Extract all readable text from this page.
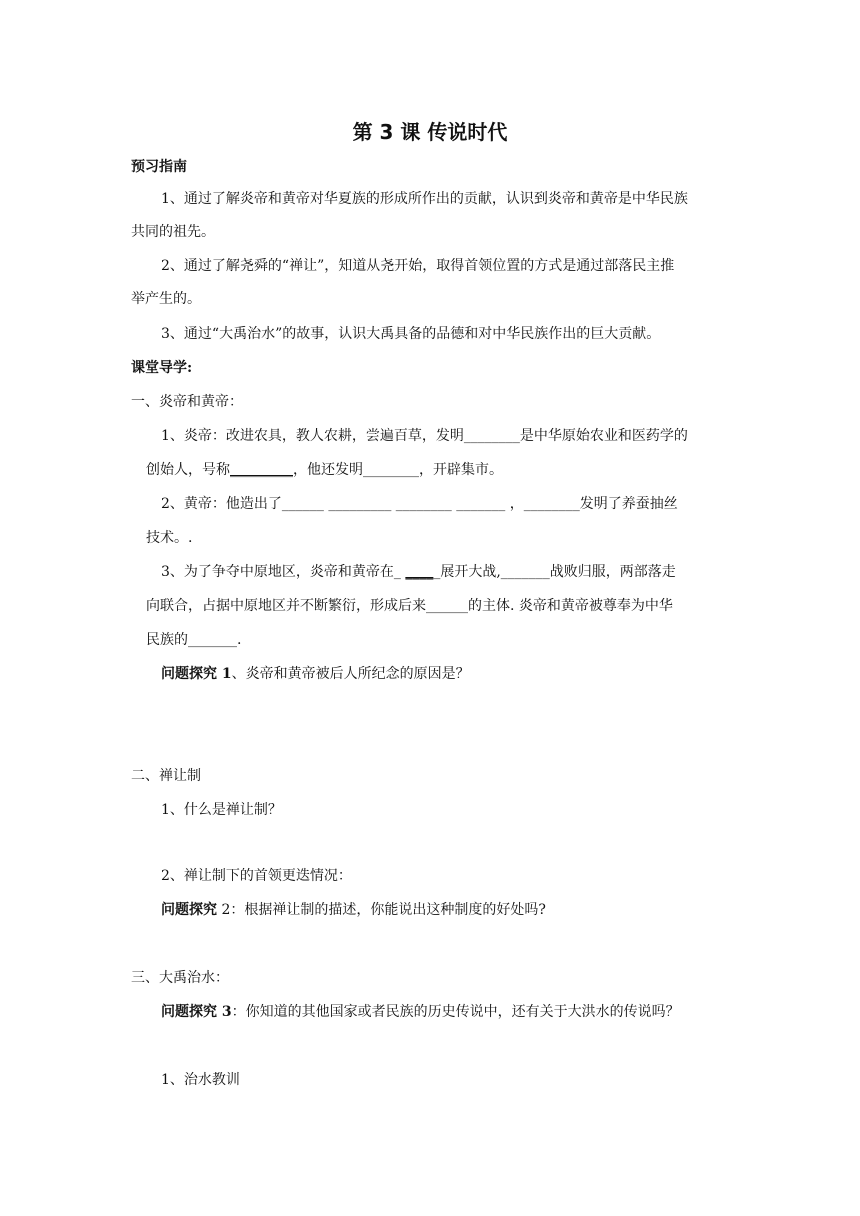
第 3 课 传说时代
预习指南
1、通过了解炎帝和黄帝对华夏族的形成所作出的贡献，认识到炎帝和黄帝是中华民族
共同的祖先。
2、通过了解尧舜的“禅让”，知道从尧开始，取得首领位置的方式是通过部落民主推
举产生的。
3、通过“大禹治水”的故事，认识大禹具备的品德和对中华民族作出的巨大贡献。
课堂导学:
一、炎帝和黄帝：
1、炎帝：改进农具，教人农耕，尝遍百草，发明________是中华原始农业和医药学的
创始人，号称_________，他还发明________，开辟集市。
2、黄帝：他造出了______ _________ ________ _______ ，________发明了养蚕抽丝
技术。.
3、为了争夺中原地区，炎帝和黄帝在_ _____展开大战,_______战败归服，两部落走
向联合，占据中原地区并不断繁衍，形成后来______的主体. 炎帝和黄帝被尊奉为中华
民族的_______.
问题探究 1、炎帝和黄帝被后人所纪念的原因是？
二、禅让制
1、什么是禅让制？
2、禅让制下的首领更迭情况：
问题探究 2：根据禅让制的描述，你能说出这种制度的好处吗?
三、大禹治水：
问题探究 3：你知道的其他国家或者民族的历史传说中，还有关于大洪水的传说吗？
1、治水教训
